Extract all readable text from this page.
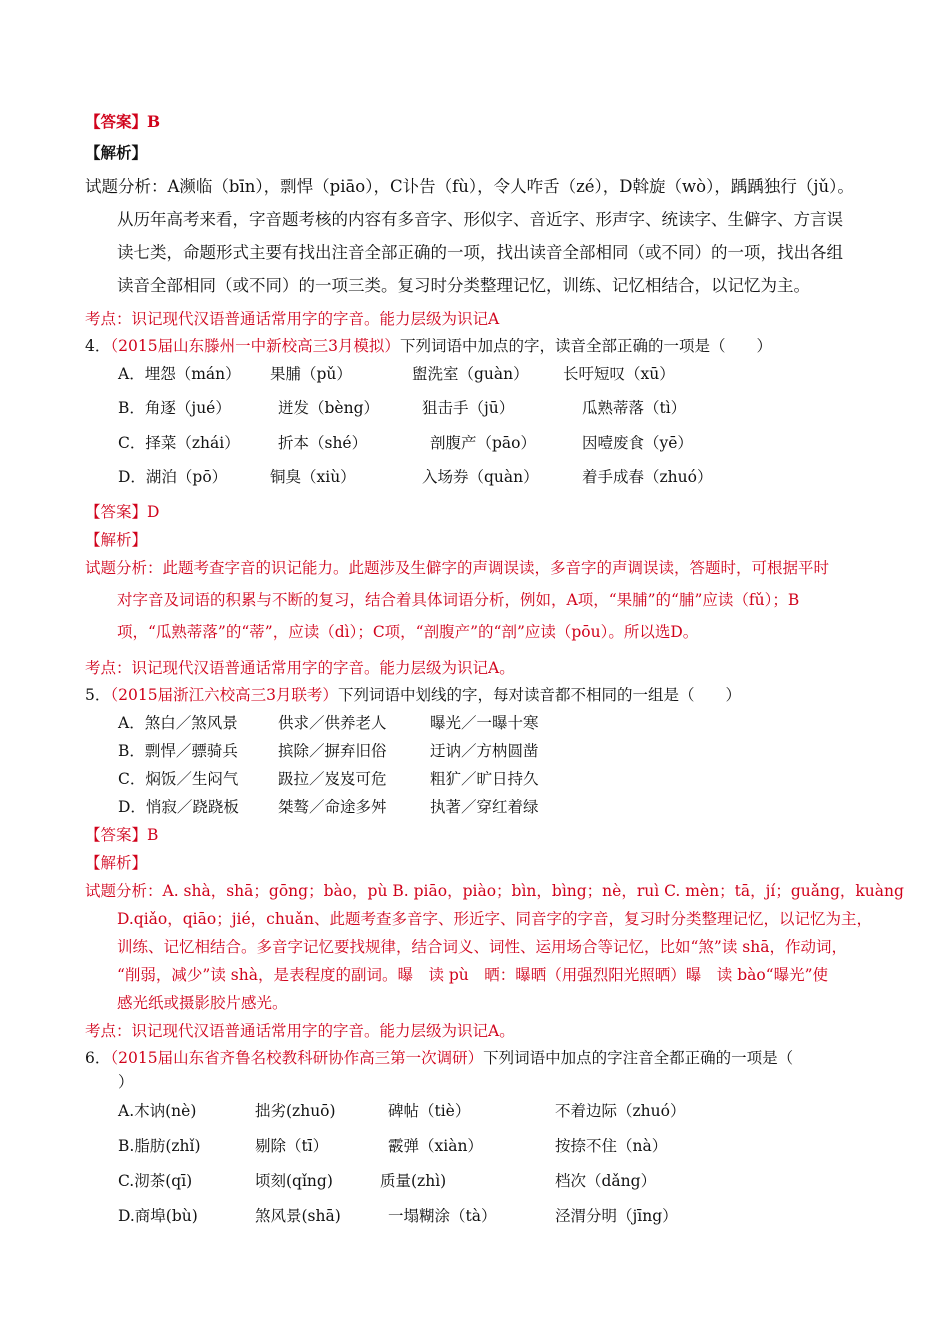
【答案】B
【解析】
试题分析：A濒临（bīn），剽悍（piāo），C讣告（fù），令人咋舌（zé），D斡旋（wò），踽踽独行（jǔ）。
从历年高考来看，字音题考核的内容有多音字、形似字、音近字、形声字、统读字、生僻字、方言误
读七类，命题形式主要有找出注音全部正确的一项，找出读音全部相同（或不同）的一项，找出各组
读音全部相同（或不同）的一项三类。复习时分类整理记忆，训练、记忆相结合，以记忆为主。
考点：识记现代汉语普通话常用字的字音。能力层级为识记A
4．（2015届山东滕州一中新校高三3月模拟）下列词语中加点的字，读音全部正确的一项是（　　）
A．埋怨（mán） 果脯（pǔ）	盥洗室（guàn） 长吁短叹（xū）
B．角逐（jué）	迸发（bèng）	狙击手（jū）	瓜熟蒂落（tì）
C．择菜（zhái） 折本（shé）	剖腹产（pāo）	因噎废食（yē）
D．湖泊（pō）	铜臭（xiù）	入场券（quàn）	着手成春（zhuó）
【答案】D
【解析】
试题分析：此题考查字音的识记能力。此题涉及生僻字的声调误读，多音字的声调误读，答题时，可根据平时
对字音及词语的积累与不断的复习，结合着具体词语分析，例如，A项，“果脯”的“脯”应读（fǔ）；B
项，“瓜熟蒂落”的“蒂”，应读（dì）；C项，“剖腹产”的“剖”应读（pōu）。所以选D。
考点：识记现代汉语普通话常用字的字音。能力层级为识记A。
5．（2015届浙江六校高三3月联考）下列词语中划线的字，每对读音都不相同的一组是（　　）
A．煞白／煞风景	供求／供养老人	曝光／一曝十寒
B．剽悍／骠骑兵	摈除／摒弃旧俗	迂讷／方枘圆凿
C．焖饭／生闷气	趿拉／岌岌可危	粗犷／旷日持久
D．悄寂／跷跷板	桀骜／命途多舛	执著／穿红着绿
【答案】B
【解析】
试题分析：A. shà，shā；gōng；bào，pù B. piāo，piào；bìn，bìng；nè，ruì C. mèn；tā，jí；guǎng，kuàng
D.qiǎo，qiāo；jié，chuǎn、此题考查多音字、形近字、同音字的字音，复习时分类整理记忆，以记忆为主，
训练、记忆相结合。多音字记忆要找规律，结合词义、词性、运用场合等记忆，比如“煞”读 shā，作动词，
“削弱，减少”读 shà，是表程度的副词。曝　读 pù　晒：曝晒（用强烈阳光照晒）曝　读 bào“曝光”使
感光纸或摄影胶片感光。
考点：识记现代汉语普通话常用字的字音。能力层级为识记A。
6．（2015届山东省齐鲁名校教科研协作高三第一次调研）下列词语中加点的字注音全都正确的一项是（
）
A.木讷(nè)	拙劣(zhuō)	碑帖（tiè）	不着边际（zhuó）
B.脂肪(zhǐ)	剔除（tī）	霰弹（xiàn）	按捺不住（nà）
C.沏茶(qī)	顷刻(qǐng)	质量(zhì)	档次（dǎng）
D.商埠(bù)	煞风景(shā)	一塌糊涂（tà）	泾渭分明（jīng）
